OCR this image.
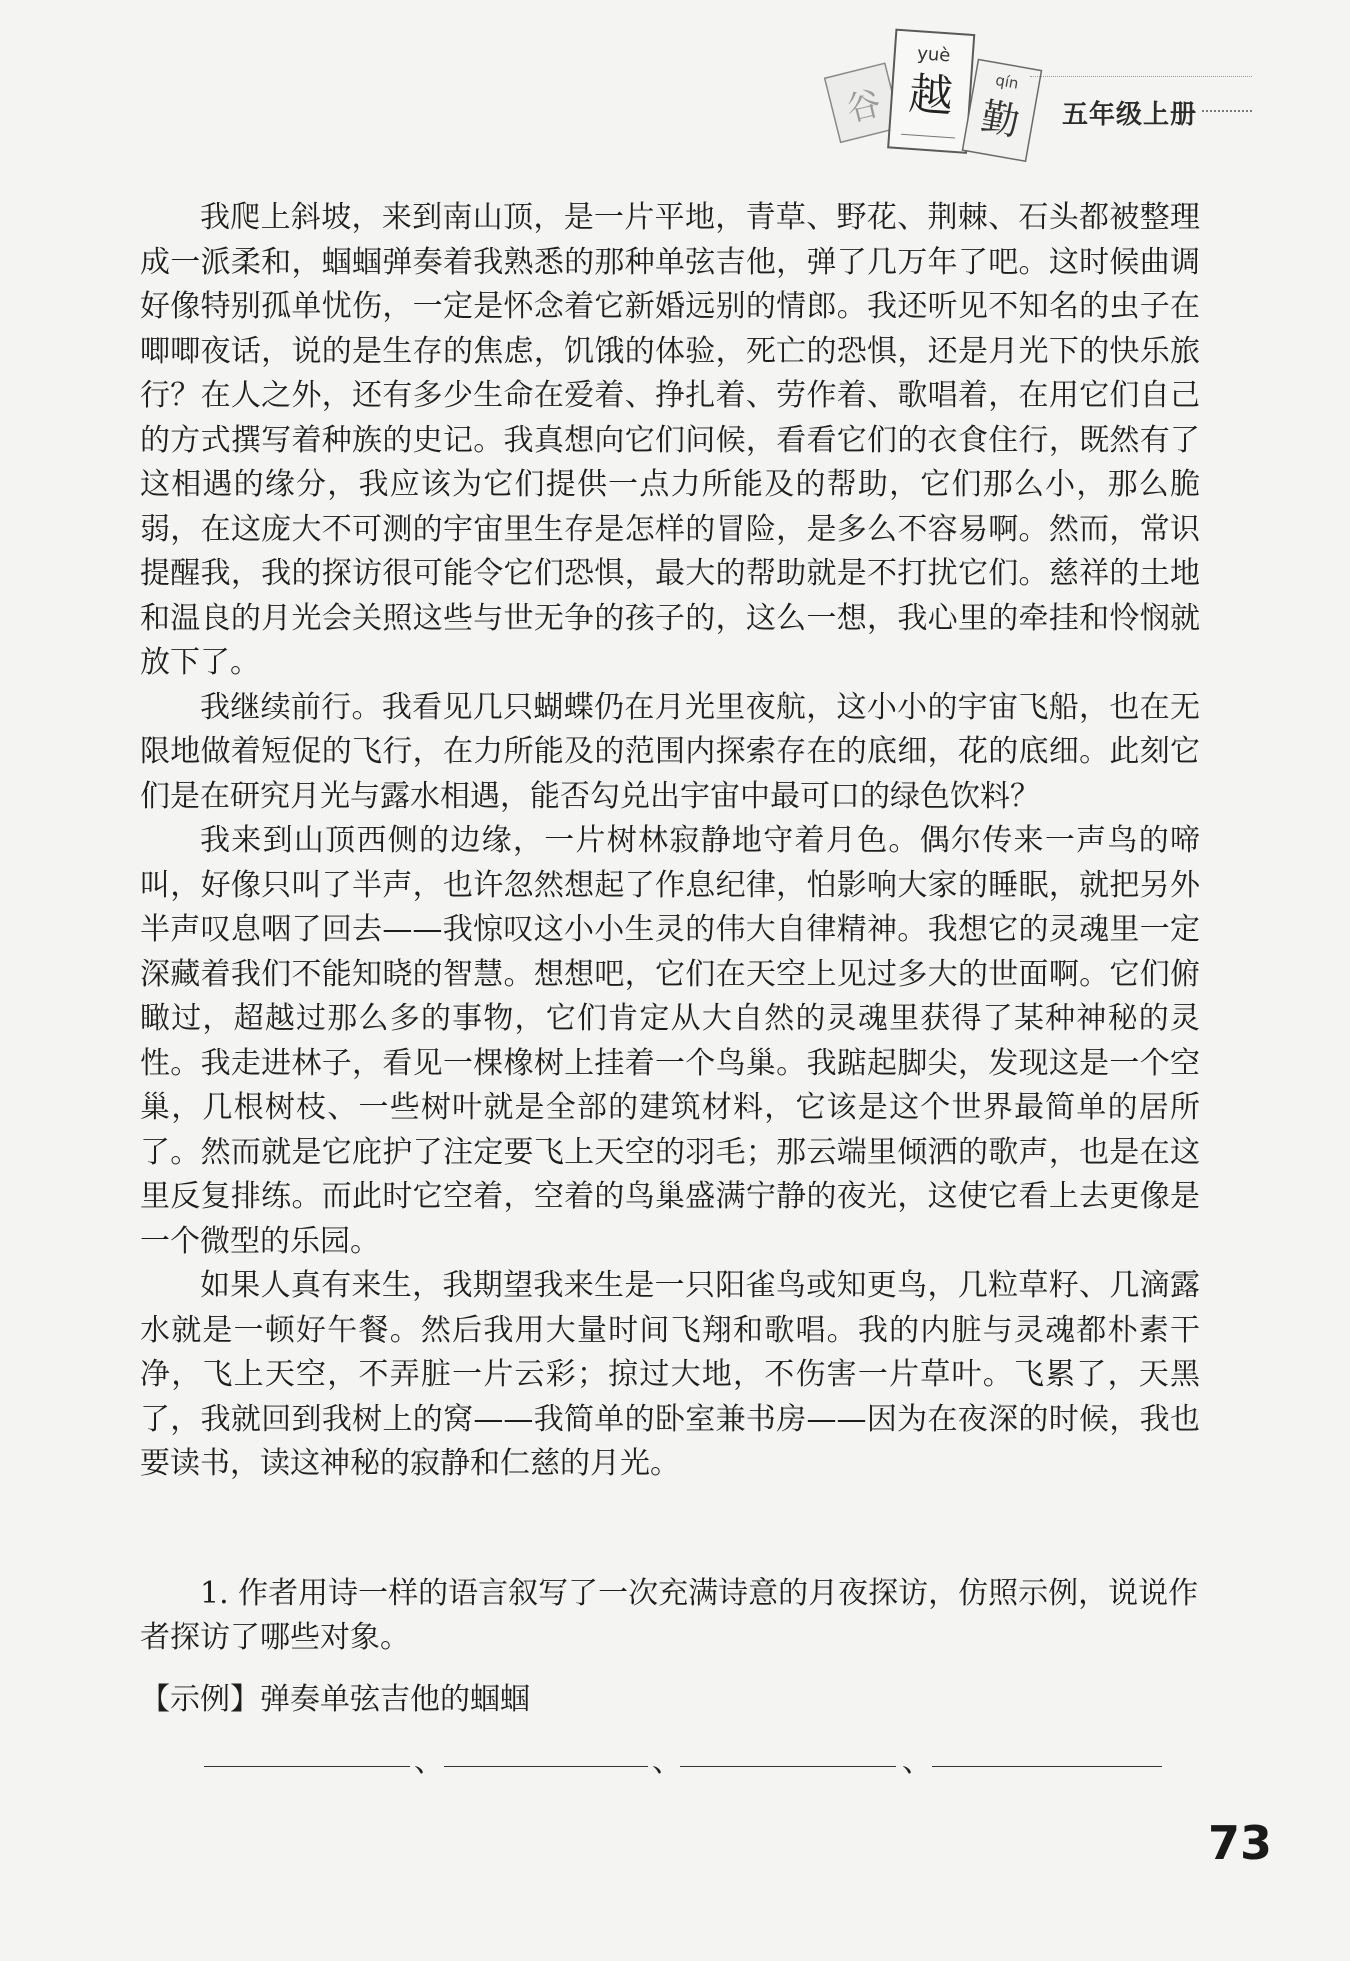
谷
yuè
越	qín
勤 五年级上册

我爬上斜坡，来到南山顶，是一片平地，青草、野花、荆棘、石头都被整理成一派柔和，蝈蝈弹奏着我熟悉的那种单弦吉他，弹了几万年了吧。这时候曲调好像特别孤单忧伤，一定是怀念着它新婚远别的情郎。我还听见不知名的虫子在唧唧夜话，说的是生存的焦虑，饥饿的体验，死亡的恐惧，还是月光下的快乐旅行？在人之外，还有多少生命在爱着、挣扎着、劳作着、歌唱着，在用它们自己的方式撰写着种族的史记。我真想向它们问候，看看它们的衣食住行，既然有了这相遇的缘分，我应该为它们提供一点力所能及的帮助，它们那么小，那么脆弱，在这庞大不可测的宇宙里生存是怎样的冒险，是多么不容易啊。然而，常识提醒我，我的探访很可能令它们恐惧，最大的帮助就是不打扰它们。慈祥的土地和温良的月光会关照这些与世无争的孩子的，这么一想，我心里的牵挂和怜悯就放下了。

我继续前行。我看见几只蝴蝶仍在月光里夜航，这小小的宇宙飞船，也在无限地做着短促的飞行，在力所能及的范围内探索存在的底细，花的底细。此刻它们是在研究月光与露水相遇，能否勾兑出宇宙中最可口的绿色饮料？

我来到山顶西侧的边缘，一片树林寂静地守着月色。偶尔传来一声鸟的啼叫，好像只叫了半声，也许忽然想起了作息纪律，怕影响大家的睡眠，就把另外半声叹息咽了回去——我惊叹这小小生灵的伟大自律精神。我想它的灵魂里一定深藏着我们不能知晓的智慧。想想吧，它们在天空上见过多大的世面啊。它们俯瞰过，超越过那么多的事物，它们肯定从大自然的灵魂里获得了某种神秘的灵性。我走进林子，看见一棵橡树上挂着一个鸟巢。我踮起脚尖，发现这是一个空巢，几根树枝、一些树叶就是全部的建筑材料，它该是这个世界最简单的居所了。然而就是它庇护了注定要飞上天空的羽毛；那云端里倾洒的歌声，也是在这里反复排练。而此时它空着，空着的鸟巢盛满宁静的夜光，这使它看上去更像是一个微型的乐园。

如果人真有来生，我期望我来生是一只阳雀鸟或知更鸟，几粒草籽、几滴露水就是一顿好午餐。然后我用大量时间飞翔和歌唱。我的内脏与灵魂都朴素干净，飞上天空，不弄脏一片云彩；掠过大地，不伤害一片草叶。飞累了，天黑了，我就回到我树上的窝——我简单的卧室兼书房——因为在夜深的时候，我也要读书，读这神秘的寂静和仁慈的月光。

1. 作者用诗一样的语言叙写了一次充满诗意的月夜探访，仿照示例，说说作者探访了哪些对象。

【示例】弹奏单弦吉他的蝈蝈

、	、	、
73
